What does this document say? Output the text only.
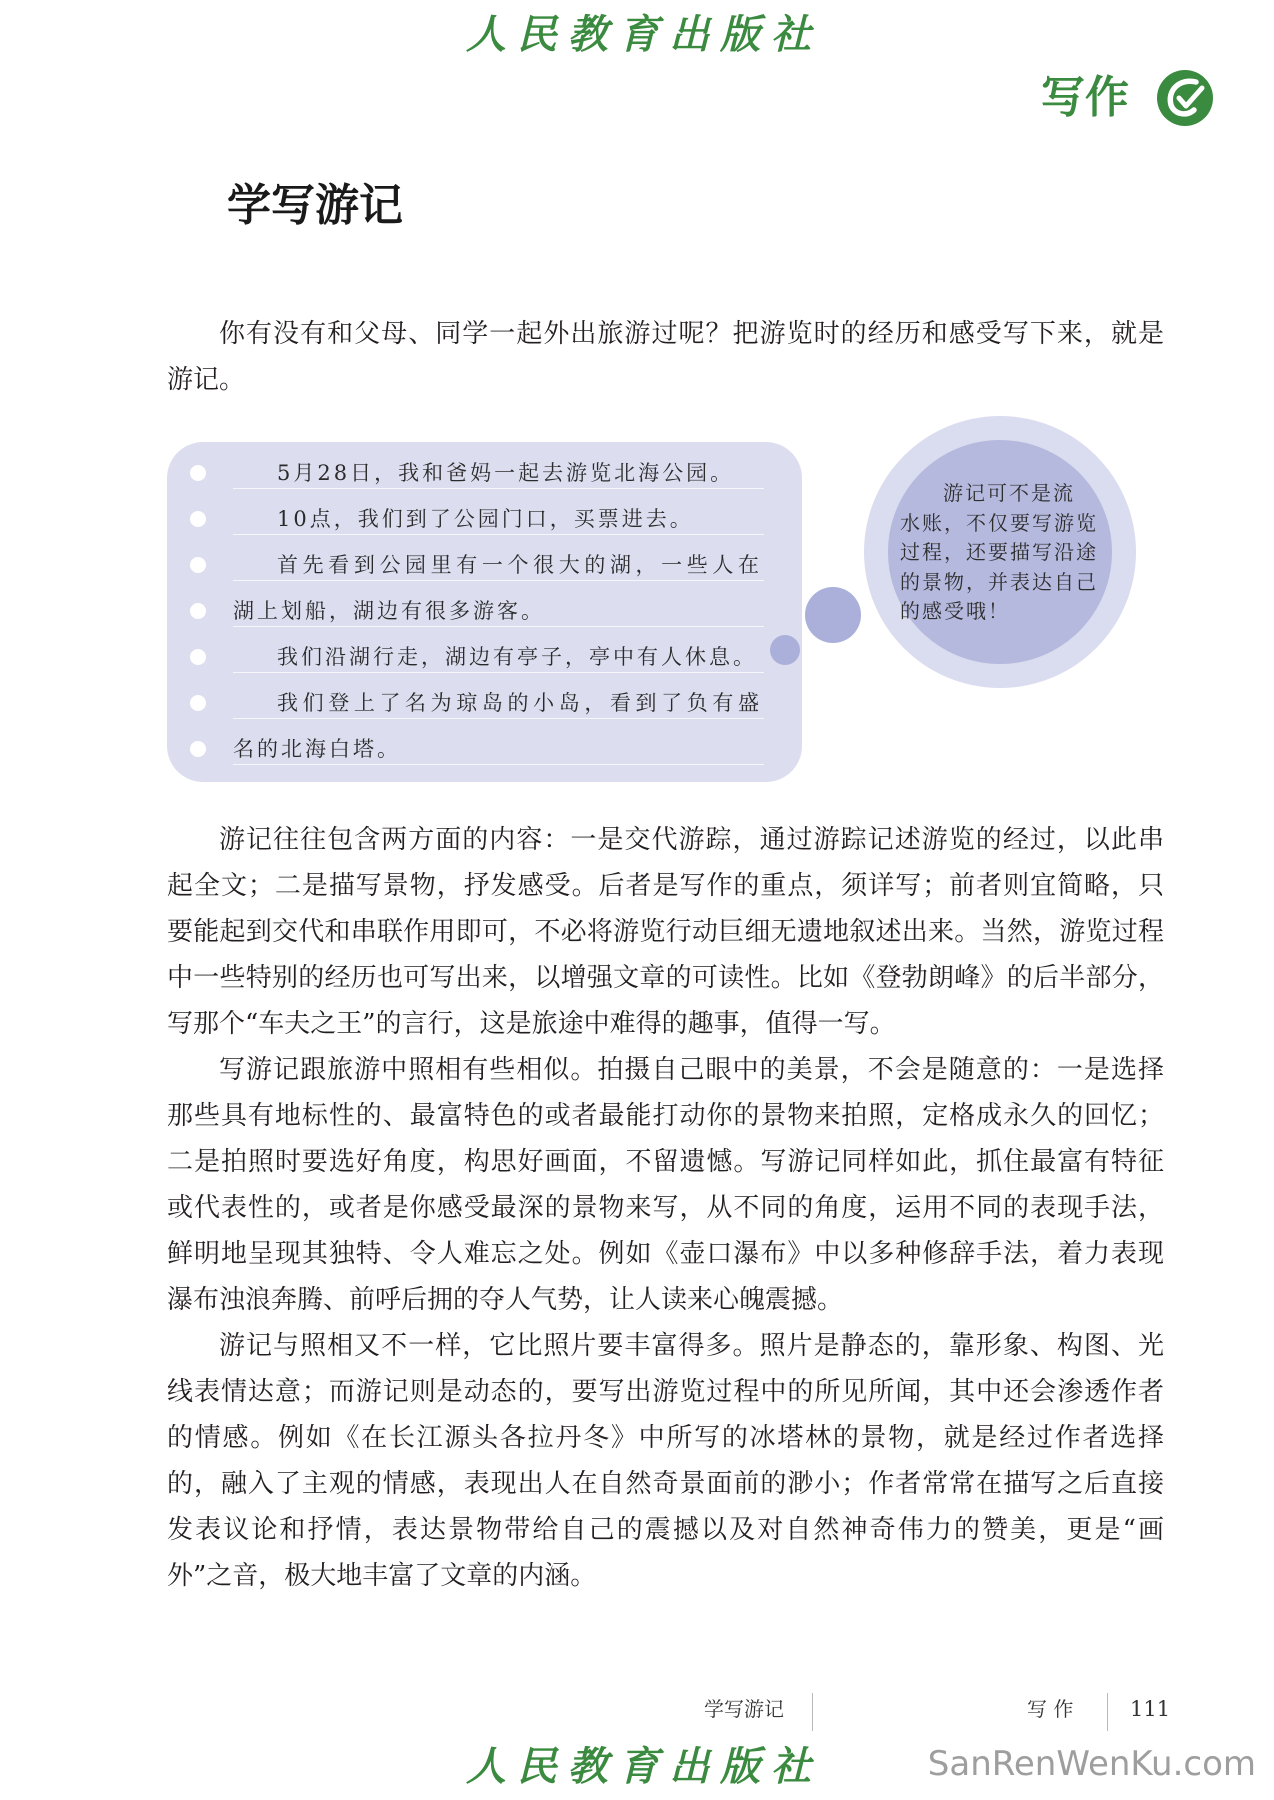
人民教育出版社
写作
学写游记
你有没有和父母、同学一起外出旅游过呢？把游览时的经历和感受写下来，就是
游记。
5月28日，我和爸妈一起去游览北海公园。
10点，我们到了公园门口，买票进去。
首先看到公园里有一个很大的湖，一些人在
湖上划船，湖边有很多游客。
我们沿湖行走，湖边有亭子，亭中有人休息。
我们登上了名为琼岛的小岛，看到了负有盛
名的北海白塔。
游记可不是流
水账，不仅要写游览
过程，还要描写沿途
的景物，并表达自己
的感受哦！
游记往往包含两方面的内容：一是交代游踪，通过游踪记述游览的经过，以此串
起全文；二是描写景物，抒发感受。后者是写作的重点，须详写；前者则宜简略，只
要能起到交代和串联作用即可，不必将游览行动巨细无遗地叙述出来。当然，游览过程
中一些特别的经历也可写出来，以增强文章的可读性。比如《登勃朗峰》的后半部分，
写那个“车夫之王”的言行，这是旅途中难得的趣事，值得一写。
写游记跟旅游中照相有些相似。拍摄自己眼中的美景，不会是随意的：一是选择
那些具有地标性的、最富特色的或者最能打动你的景物来拍照，定格成永久的回忆；
二是拍照时要选好角度，构思好画面，不留遗憾。写游记同样如此，抓住最富有特征
或代表性的，或者是你感受最深的景物来写，从不同的角度，运用不同的表现手法，
鲜明地呈现其独特、令人难忘之处。例如《壶口瀑布》中以多种修辞手法，着力表现
瀑布浊浪奔腾、前呼后拥的夺人气势，让人读来心魄震撼。
游记与照相又不一样，它比照片要丰富得多。照片是静态的，靠形象、构图、光
线表情达意；而游记则是动态的，要写出游览过程中的所见所闻，其中还会渗透作者
的情感。例如《在长江源头各拉丹冬》中所写的冰塔林的景物，就是经过作者选择
的，融入了主观的情感，表现出人在自然奇景面前的渺小；作者常常在描写之后直接
发表议论和抒情，表达景物带给自己的震撼以及对自然神奇伟力的赞美，更是“画
外”之音，极大地丰富了文章的内涵。
学写游记	写 作	111
人民教育出版社	SanRenWenKu.com
